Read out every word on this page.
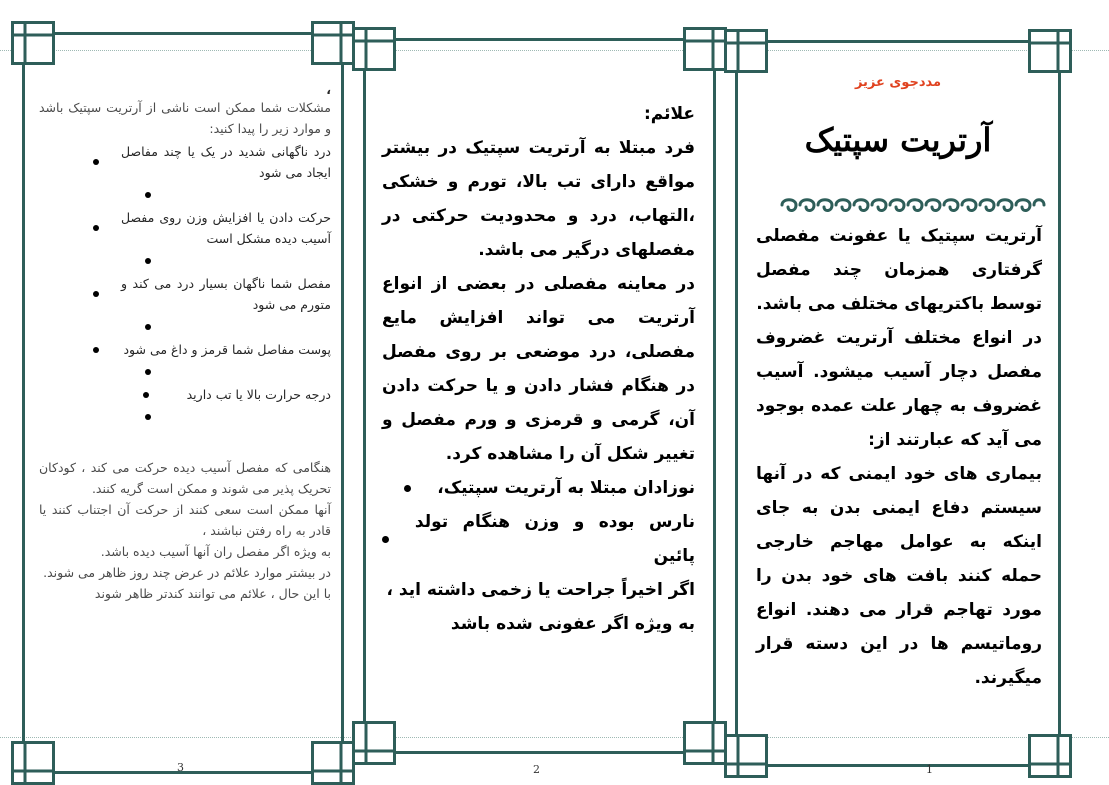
،
مشکلات شما ممکن است ناشی از آرتریت سپتیک باشد و موارد زیر را پیدا کنید:
درد ناگهانی شدید در یک یا چند مفاصل ایجاد می شود
حرکت دادن یا افزایش وزن روی مفصل آسیب دیده مشکل است
مفصل شما ناگهان بسیار درد می کند و متورم می شود
پوست مفاصل شما قرمز و داغ می شود
درجه حرارت بالا یا تب دارید
هنگامی که مفصل آسیب دیده حرکت می کند ، کودکان تحریک پذیر می شوند و ممکن است گریه کنند.
آنها ممکن است سعی کنند از حرکت آن اجتناب کنند یا قادر به راه رفتن نباشند ،
به ویژه اگر مفصل ران آنها آسیب دیده باشد.
در بیشتر موارد علائم در عرض چند روز ظاهر می شوند.
با این حال ، علائم می توانند کندتر ظاهر شوند
علائم:
فرد مبتلا به آرتریت سپتیک در بیشتر مواقع دارای تب بالا، تورم و خشکی ،التهاب، درد و محدودیت حرکتی در مفصلهای درگیر می باشد.
در معاینه مفصلی در بعضی از انواع آرتریت می تواند افزایش مایع مفصلی، درد موضعی بر روی مفصل در هنگام فشار دادن و یا حرکت دادن آن، گرمی و قرمزی و ورم مفصل و تغییر شکل آن را مشاهده کرد.
نوزادان مبتلا به آرتریت سپتیک،
نارس بوده و وزن هنگام تولد پائین
اگر اخیراً جراحت یا زخمی داشته اید ،
به ویژه اگر عفونی شده باشد
مددجوی عزیز
آرتریت سپتیک
آرتریت سپتیک یا عفونت مفصلی گرفتاری همزمان چند مفصل توسط باکتریهای مختلف می باشد.
در انواع مختلف آرتریت غضروف مفصل دچار آسیب میشود. آسیب غضروف به چهار علت عمده بوجود می آید که عبارتند از:
بیماری های خود ایمنی که در آنها سیستم دفاع ایمنی بدن به جای اینکه به عوامل مهاجم خارجی حمله کنند بافت های خود بدن را مورد تهاجم قرار می دهند. انواع روماتیسم ها در این دسته قرار میگیرند.
3	2	1
